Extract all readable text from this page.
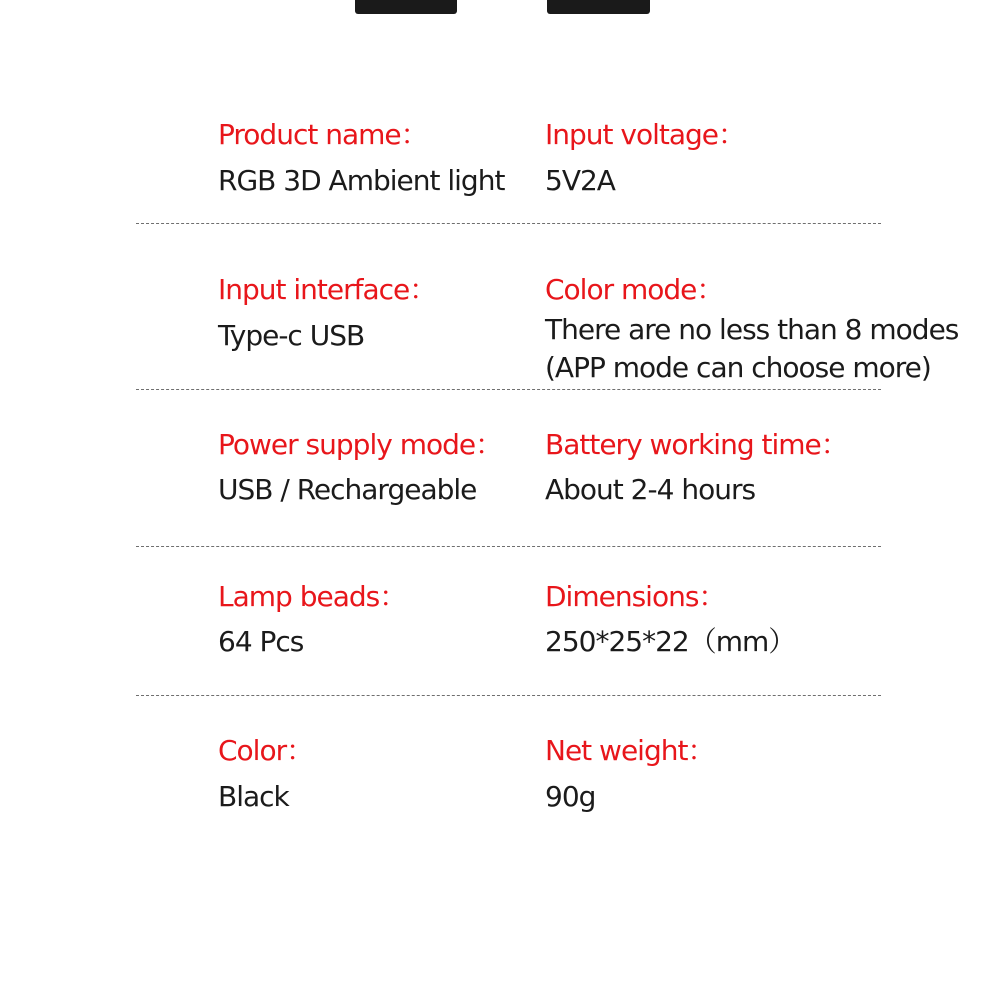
Product name：
RGB 3D Ambient light
Input voltage：
5V2A
Input interface：
Type-c USB
Color mode：
There are no less than 8 modes
(APP mode can choose more)
Power supply mode：
USB / Rechargeable
Battery working time：
About 2-4 hours
Lamp beads：
64 Pcs
Dimensions：
250*25*22（mm）
Color：
Black
Net weight：
90g
